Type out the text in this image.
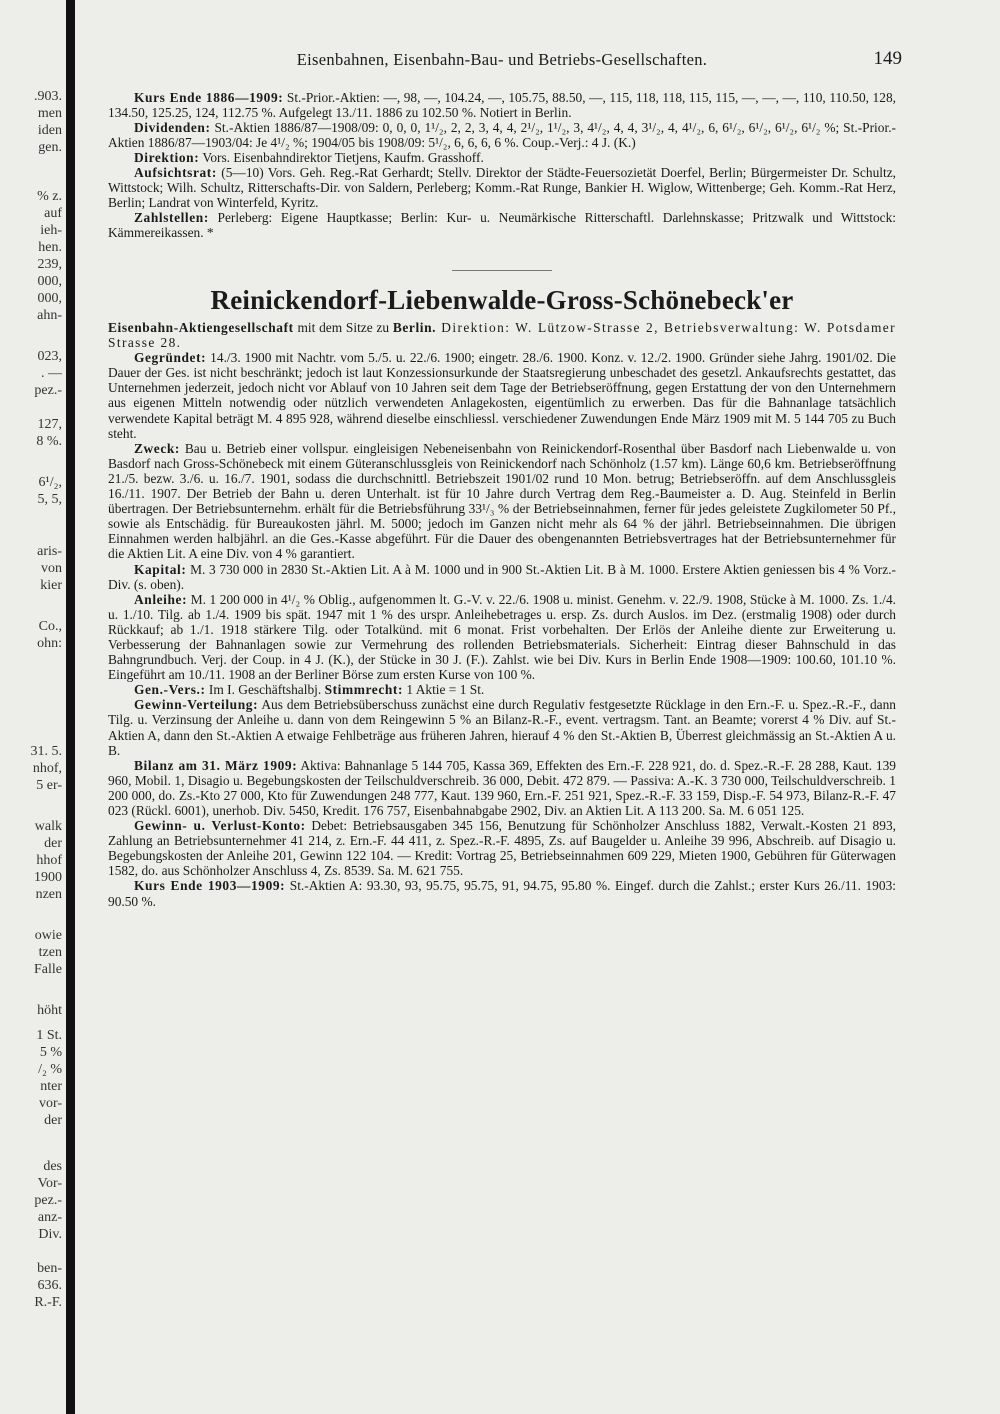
.903.
men
iden
gen.
% z.
auf
ieh-
hen.
239,
000,
000,
ahn-
023,
. —
pez.-
127,
8 %.
6¹/₂,
5, 5,
aris-
von
kier
Co.,
ohn:
31. 5.
nhof,
5 er-
walk
der
hhof
1900
nzen
owie
tzen
Falle
höht
1 St.
5 %
/₂ %
nter
vor-
der
des
Vor-
pez.-
anz-
Div.
ben-
636.
R.-F.
Eisenbahnen, Eisenbahn-Bau- und Betriebs-Gesellschaften.	149

Kurs Ende 1886—1909: St.-Prior.-Aktien: —, 98, —, 104.24, —, 105.75, 88.50, —, 115, 118, 118, 115, 115, —, —, —, 110, 110.50, 128, 134.50, 125.25, 124, 112.75 %. Aufgelegt 13./11. 1886 zu 102.50 %. Notiert in Berlin.

Dividenden: St.-Aktien 1886/87—1908/09: 0, 0, 0, 1¹/₂, 2, 2, 3, 4, 4, 2¹/₂, 1¹/₂, 3, 4¹/₂, 4, 4, 3¹/₂, 4, 4¹/₂, 6, 6¹/₂, 6¹/₂, 6¹/₂, 6¹/₂ %; St.-Prior.-Aktien 1886/87—1903/04: Je 4¹/₂ %; 1904/05 bis 1908/09: 5¹/₂, 6, 6, 6, 6 %. Coup.-Verj.: 4 J. (K.)

Direktion: Vors. Eisenbahndirektor Tietjens, Kaufm. Grasshoff.

Aufsichtsrat: (5—10) Vors. Geh. Reg.-Rat Gerhardt; Stellv. Direktor der Städte-Feuersozietät Doerfel, Berlin; Bürgermeister Dr. Schultz, Wittstock; Wilh. Schultz, Ritterschafts-Dir. von Saldern, Perleberg; Komm.-Rat Runge, Bankier H. Wiglow, Wittenberge; Geh. Komm.-Rat Herz, Berlin; Landrat von Winterfeld, Kyritz.

Zahlstellen: Perleberg: Eigene Hauptkasse; Berlin: Kur- u. Neumärkische Ritterschaftl. Darlehnskasse; Pritzwalk und Wittstock: Kämmereikassen. *

Reinickendorf-Liebenwalde-Gross-Schönebeck'er

Eisenbahn-Aktiengesellschaft mit dem Sitze zu Berlin. Direktion: W. Lützow-Strasse 2, Betriebsverwaltung: W. Potsdamer Strasse 28.

Gegründet: 14./3. 1900 mit Nachtr. vom 5./5. u. 22./6. 1900; eingetr. 28./6. 1900. Konz. v. 12./2. 1900. Gründer siehe Jahrg. 1901/02. Die Dauer der Ges. ist nicht beschränkt; jedoch ist laut Konzessionsurkunde der Staatsregierung unbeschadet des gesetzl. Ankaufsrechts gestattet, das Unternehmen jederzeit, jedoch nicht vor Ablauf von 10 Jahren seit dem Tage der Betriebseröffnung, gegen Erstattung der von den Unternehmern aus eigenen Mitteln notwendig oder nützlich verwendeten Anlagekosten, eigentümlich zu erwerben. Das für die Bahnanlage tatsächlich verwendete Kapital beträgt M. 4 895 928, während dieselbe einschliessl. verschiedener Zuwendungen Ende März 1909 mit M. 5 144 705 zu Buch steht.

Zweck: Bau u. Betrieb einer vollspur. eingleisigen Nebeneisenbahn von Reinickendorf-Rosenthal über Basdorf nach Liebenwalde u. von Basdorf nach Gross-Schönebeck mit einem Güteranschlussgleis von Reinickendorf nach Schönholz (1.57 km). Länge 60,6 km. Betriebseröffnung 21./5. bezw. 3./6. u. 16./7. 1901, sodass die durchschnittl. Betriebszeit 1901/02 rund 10 Mon. betrug; Betriebseröffn. auf dem Anschlussgleis 16./11. 1907. Der Betrieb der Bahn u. deren Unterhalt. ist für 10 Jahre durch Vertrag dem Reg.-Baumeister a. D. Aug. Steinfeld in Berlin übertragen. Der Betriebsunternehm. erhält für die Betriebsführung 33¹/₃ % der Betriebseinnahmen, ferner für jedes geleistete Zugkilometer 50 Pf., sowie als Entschädig. für Bureaukosten jährl. M. 5000; jedoch im Ganzen nicht mehr als 64 % der jährl. Betriebseinnahmen. Die übrigen Einnahmen werden halbjährl. an die Ges.-Kasse abgeführt. Für die Dauer des obengenannten Betriebsvertrages hat der Betriebsunternehmer für die Aktien Lit. A eine Div. von 4 % garantiert.

Kapital: M. 3 730 000 in 2830 St.-Aktien Lit. A à M. 1000 und in 900 St.-Aktien Lit. B à M. 1000. Erstere Aktien geniessen bis 4 % Vorz.-Div. (s. oben).

Anleihe: M. 1 200 000 in 4¹/₂ % Oblig., aufgenommen lt. G.-V. v. 22./6. 1908 u. minist. Genehm. v. 22./9. 1908, Stücke à M. 1000. Zs. 1./4. u. 1./10. Tilg. ab 1./4. 1909 bis spät. 1947 mit 1 % des urspr. Anleihebetrages u. ersp. Zs. durch Auslos. im Dez. (erstmalig 1908) oder durch Rückkauf; ab 1./1. 1918 stärkere Tilg. oder Totalkünd. mit 6 monat. Frist vorbehalten. Der Erlös der Anleihe diente zur Erweiterung u. Verbesserung der Bahnanlagen sowie zur Vermehrung des rollenden Betriebsmaterials. Sicherheit: Eintrag dieser Bahnschuld in das Bahngrundbuch. Verj. der Coup. in 4 J. (K.), der Stücke in 30 J. (F.). Zahlst. wie bei Div. Kurs in Berlin Ende 1908—1909: 100.60, 101.10 %. Eingeführt am 10./11. 1908 an der Berliner Börse zum ersten Kurse von 100 %.

Gen.-Vers.: Im I. Geschäftshalbj. Stimmrecht: 1 Aktie = 1 St.

Gewinn-Verteilung: Aus dem Betriebsüberschuss zunächst eine durch Regulativ festgesetzte Rücklage in den Ern.-F. u. Spez.-R.-F., dann Tilg. u. Verzinsung der Anleihe u. dann von dem Reingewinn 5 % an Bilanz-R.-F., event. vertragsm. Tant. an Beamte; vorerst 4 % Div. auf St.-Aktien A, dann den St.-Aktien A etwaige Fehlbeträge aus früheren Jahren, hierauf 4 % den St.-Aktien B, Überrest gleichmässig an St.-Aktien A u. B.

Bilanz am 31. März 1909: Aktiva: Bahnanlage 5 144 705, Kassa 369, Effekten des Ern.-F. 228 921, do. d. Spez.-R.-F. 28 288, Kaut. 139 960, Mobil. 1, Disagio u. Begebungskosten der Teilschuldverschreib. 36 000, Debit. 472 879. — Passiva: A.-K. 3 730 000, Teilschuldverschreib. 1 200 000, do. Zs.-Kto 27 000, Kto für Zuwendungen 248 777, Kaut. 139 960, Ern.-F. 251 921, Spez.-R.-F. 33 159, Disp.-F. 54 973, Bilanz-R.-F. 47 023 (Rückl. 6001), unerhob. Div. 5450, Kredit. 176 757, Eisenbahnabgabe 2902, Div. an Aktien Lit. A 113 200. Sa. M. 6 051 125.

Gewinn- u. Verlust-Konto: Debet: Betriebsausgaben 345 156, Benutzung für Schönholzer Anschluss 1882, Verwalt.-Kosten 21 893, Zahlung an Betriebsunternehmer 41 214, z. Ern.-F. 44 411, z. Spez.-R.-F. 4895, Zs. auf Baugelder u. Anleihe 39 996, Abschreib. auf Disagio u. Begebungskosten der Anleihe 201, Gewinn 122 104. — Kredit: Vortrag 25, Betriebseinnahmen 609 229, Mieten 1900, Gebühren für Güterwagen 1582, do. aus Schönholzer Anschluss 4, Zs. 8539. Sa. M. 621 755.

Kurs Ende 1903—1909: St.-Aktien A: 93.30, 93, 95.75, 95.75, 91, 94.75, 95.80 %. Eingef. durch die Zahlst.; erster Kurs 26./11. 1903: 90.50 %.
